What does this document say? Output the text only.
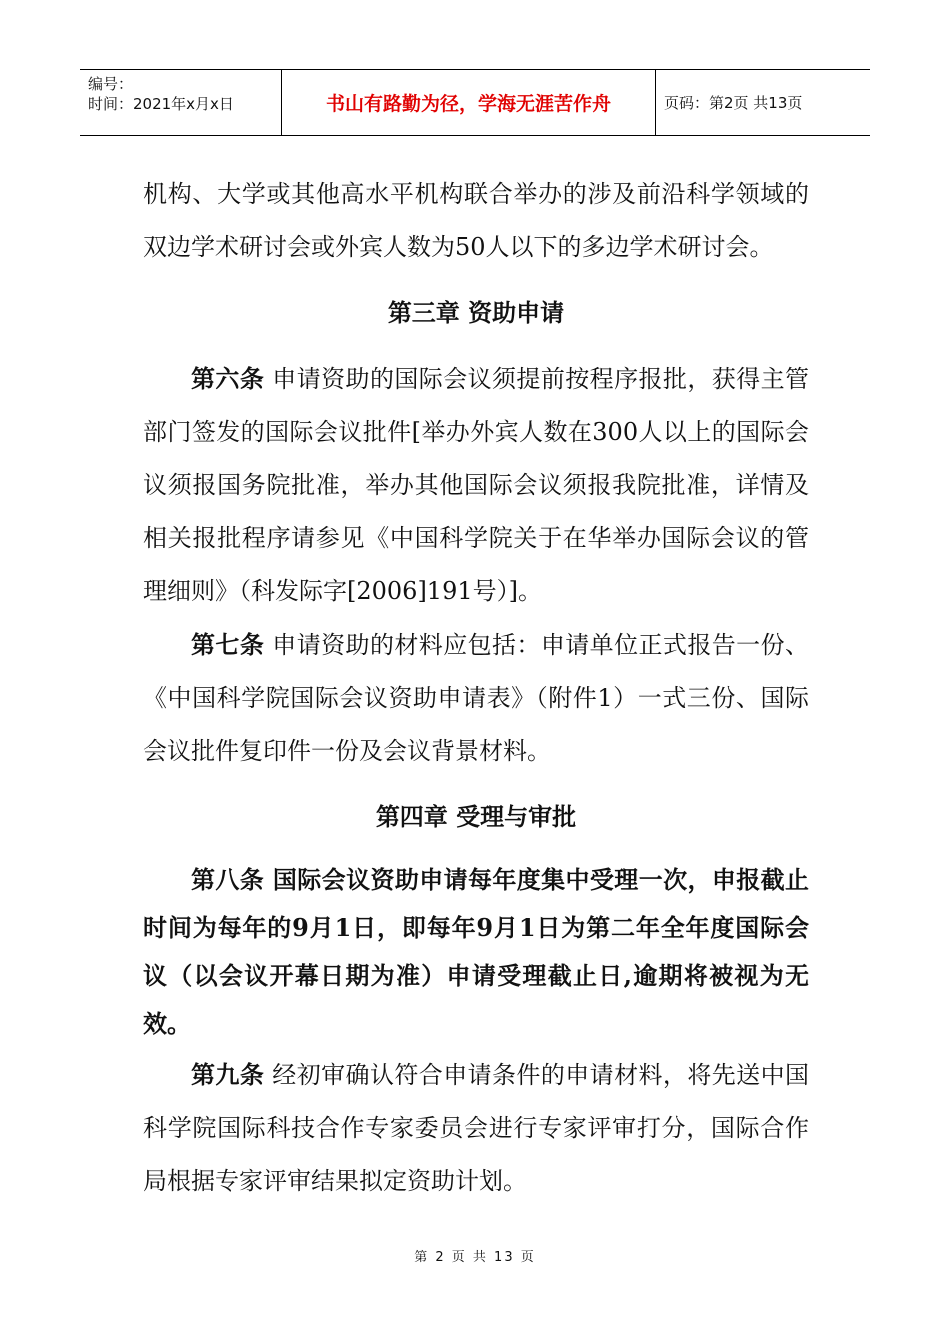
编号：
时间：2021年x月x日	书山有路勤为径，学海无涯苦作舟	页码：第2页 共13页

机构、大学或其他高水平机构联合举办的涉及前沿科学领域的双边学术研讨会或外宾人数为50人以下的多边学术研讨会。

第三章 资助申请

第六条 申请资助的国际会议须提前按程序报批，获得主管部门签发的国际会议批件[举办外宾人数在300人以上的国际会议须报国务院批准，举办其他国际会议须报我院批准，详情及相关报批程序请参见《中国科学院关于在华举办国际会议的管理细则》（科发际字[2006]191号）]。

第七条 申请资助的材料应包括：申请单位正式报告一份、《中国科学院国际会议资助申请表》（附件1）一式三份、国际会议批件复印件一份及会议背景材料。

第四章 受理与审批

第八条 国际会议资助申请每年度集中受理一次，申报截止时间为每年的9月1日，即每年9月1日为第二年全年度国际会议（以会议开幕日期为准）申请受理截止日,逾期将被视为无效。

第九条 经初审确认符合申请条件的申请材料，将先送中国科学院国际科技合作专家委员会进行专家评审打分，国际合作局根据专家评审结果拟定资助计划。

第 2 页 共 13 页
